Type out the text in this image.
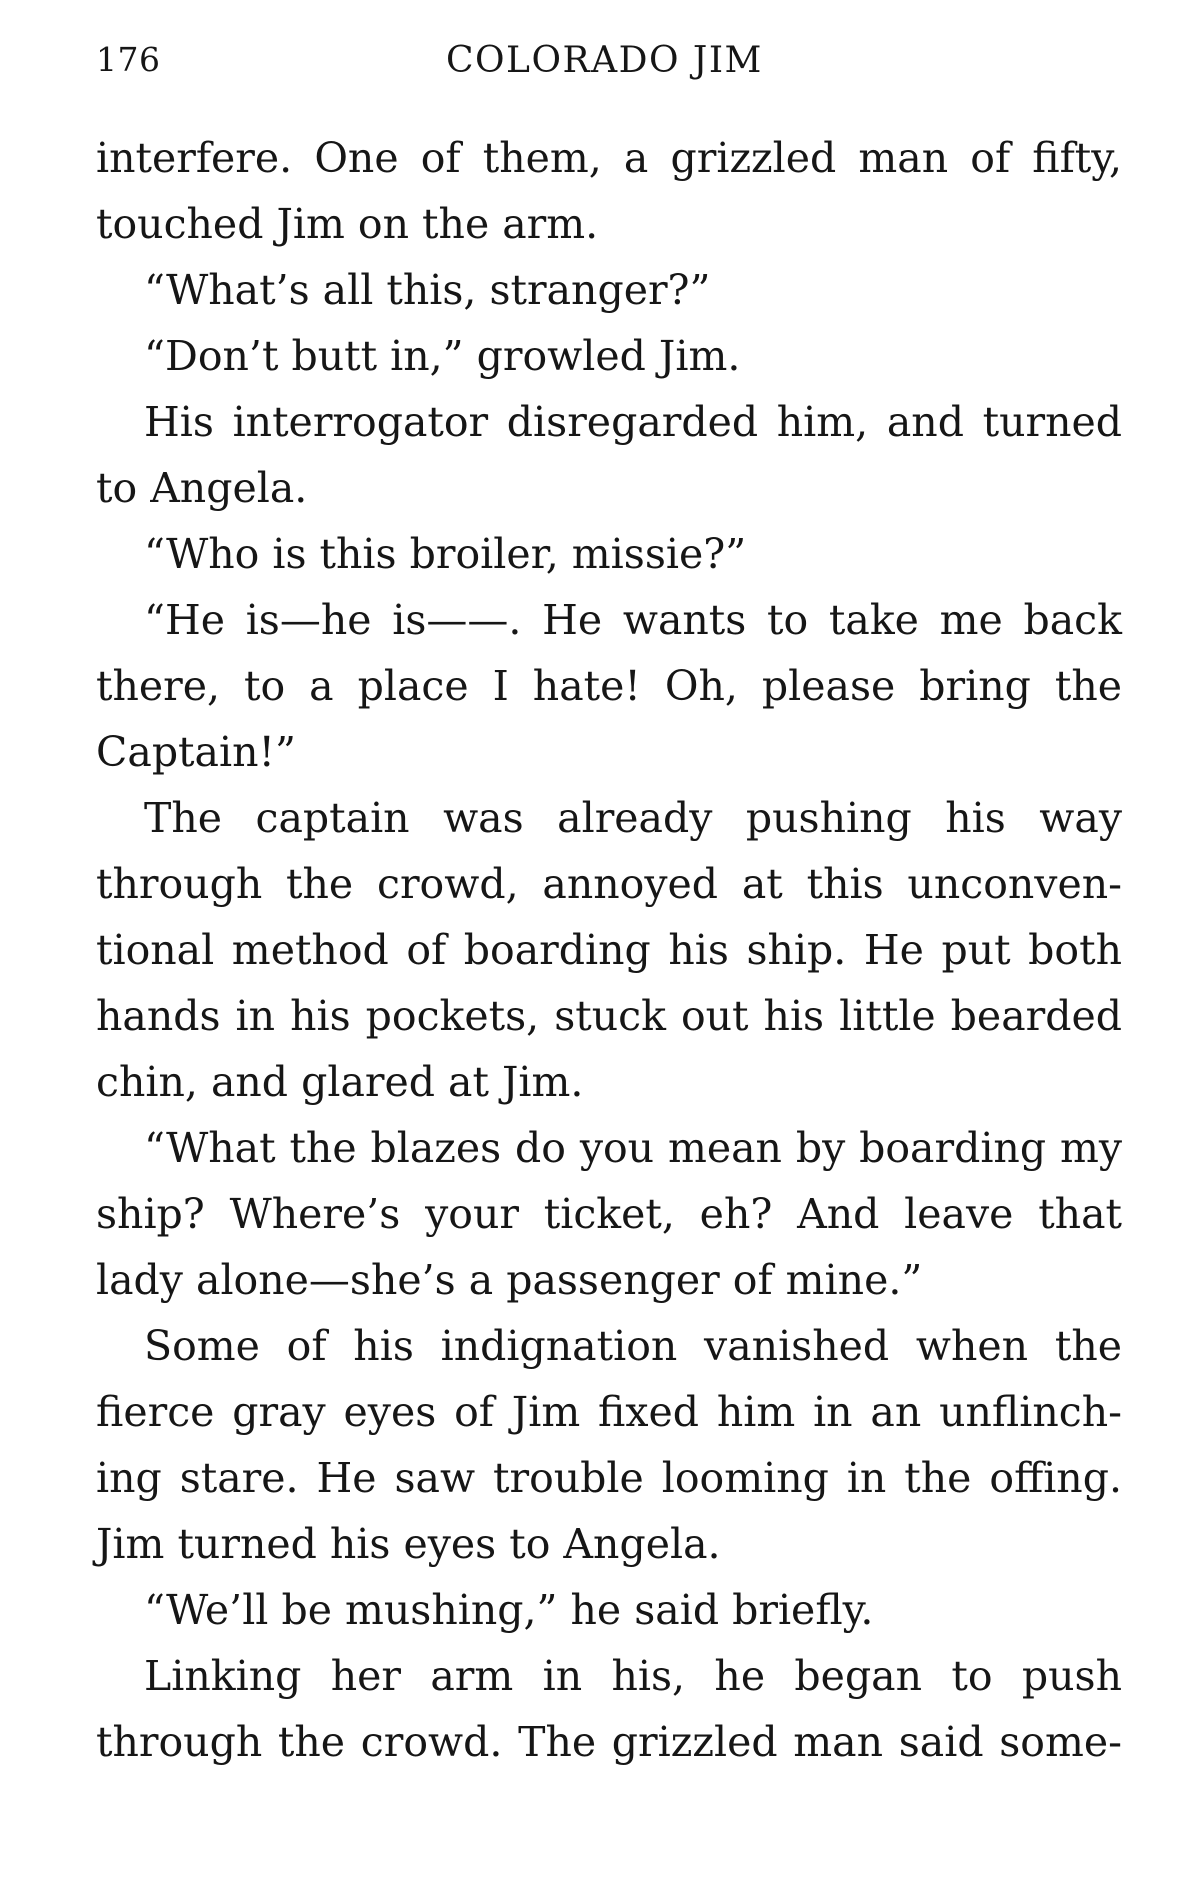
176	COLORADO JIM
interfere. One of them, a grizzled man of fifty,
touched Jim on the arm.
“What’s all this, stranger?”
“Don’t butt in,” growled Jim.
His interrogator disregarded him, and turned
to Angela.
“Who is this broiler, missie?”
“He is—he is——. He wants to take me back
there, to a place I hate! Oh, please bring the
Captain!”
The captain was already pushing his way
through the crowd, annoyed at this unconven-
tional method of boarding his ship. He put both
hands in his pockets, stuck out his little bearded
chin, and glared at Jim.
“What the blazes do you mean by boarding my
ship? Where’s your ticket, eh? And leave that
lady alone—she’s a passenger of mine.”
Some of his indignation vanished when the
fierce gray eyes of Jim fixed him in an unflinch-
ing stare. He saw trouble looming in the offing.
Jim turned his eyes to Angela.
“We’ll be mushing,” he said briefly.
Linking her arm in his, he began to push
through the crowd. The grizzled man said some-
